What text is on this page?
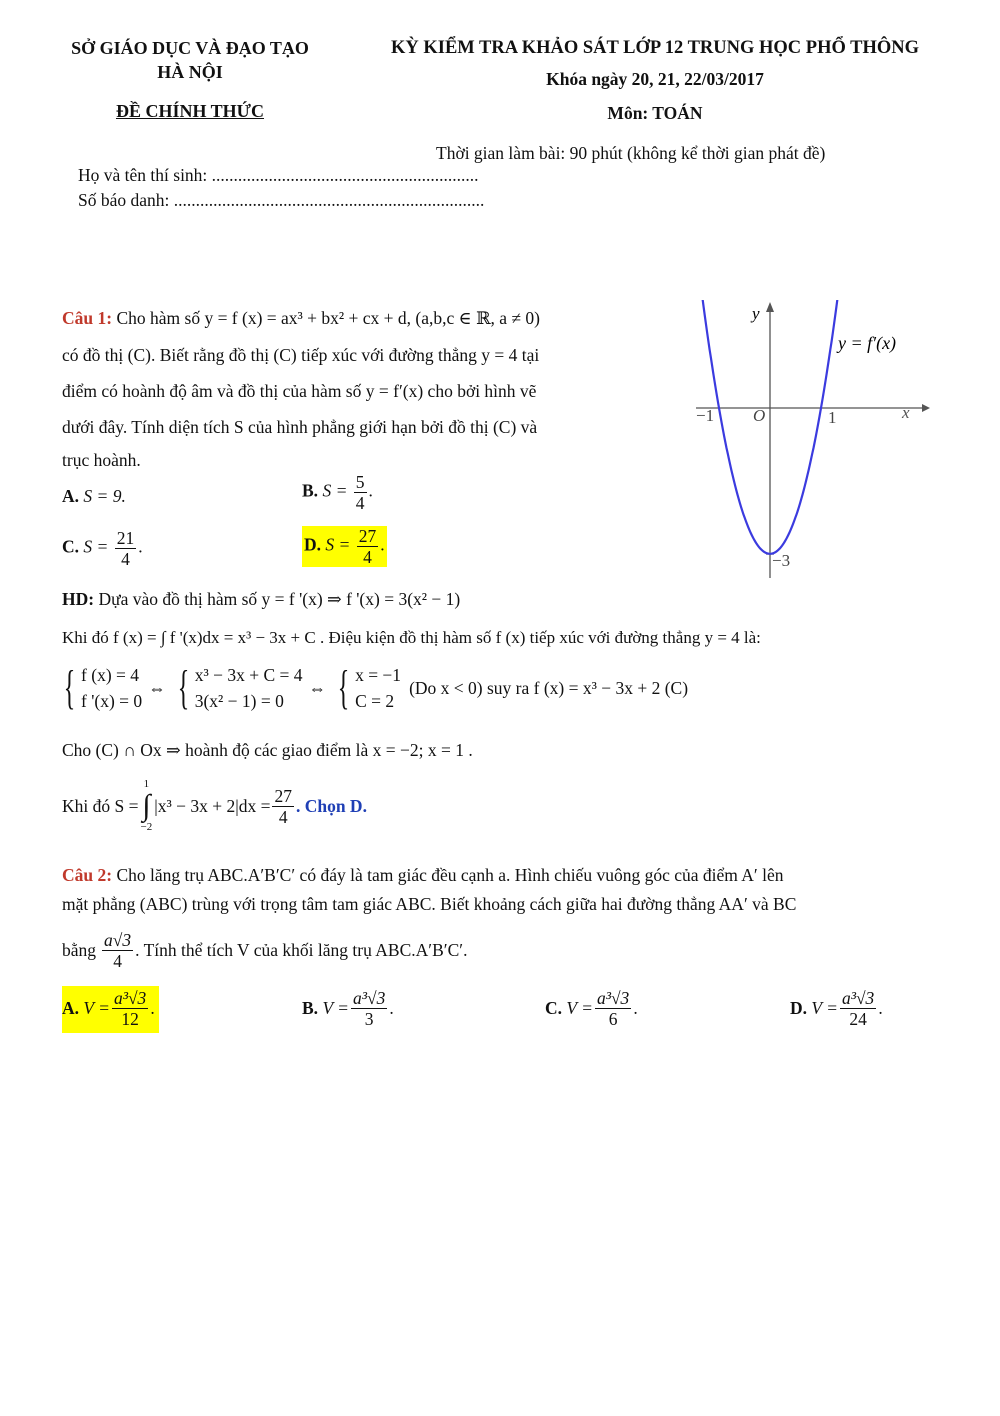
SỞ GIÁO DỤC VÀ ĐẠO TẠO
HÀ NỘI
ĐỀ CHÍNH THỨC
KỲ KIỂM TRA KHẢO SÁT LỚP 12 TRUNG HỌC PHỔ THÔNG
Khóa ngày 20, 21, 22/03/2017
Môn: TOÁN
Thời gian làm bài: 90 phút (không kể thời gian phát đề)
Họ và tên thí sinh: .............................................................
Số báo danh: .......................................................................
Câu 1: Cho hàm số y = f (x) = ax³ + bx² + cx + d, (a,b,c ∈ ℝ, a ≠ 0)
có đồ thị (C). Biết rằng đồ thị (C) tiếp xúc với đường thẳng y = 4 tại
điểm có hoành độ âm và đồ thị của hàm số y = f′(x) cho bởi hình vẽ
dưới đây. Tính diện tích S của hình phẳng giới hạn bởi đồ thị (C) và
trục hoành.
A. S = 9.	B. $S = \frac{5}{4}$ .
C. $S = \frac{21}{4}$ .	D. $S = \frac{27}{4}$ .
y
x
y = f′(x)
O
−1	1
−3
HD: Dựa vào đồ thị hàm số y = f '(x) ⇒ f '(x) = 3(x² − 1)
Khi đó f (x) = ∫ f '(x)dx = x³ − 3x + C . Điệu kiện đồ thị hàm số f (x) tiếp xúc với đường thẳng y = 4 là:
{ f (x) = 4
f '(x) = 0
⇔ { x³ − 3x + C = 4
3(x² − 1) = 0
⇔ { x = −1
C = 2
(Do x < 0) suy ra f (x) = x³ − 3x + 2 (C)
Cho (C) ∩ Ox ⇒ hoành độ các giao điểm là x = −2; x = 1 .
Khi đó S =
1
∫
−2
$|x^3 - 3x + 2|dx = \frac{27}{4}$ . Chọn D.
Câu 2: Cho lăng trụ ABC.A′B′C′ có đáy là tam giác đều cạnh a. Hình chiếu vuông góc của điểm A′ lên
mặt phẳng (ABC) trùng với trọng tâm tam giác ABC. Biết khoảng cách giữa hai đường thẳng AA′ và BC
bằng $\frac{a√3}{4}$ . Tính thể tích V của khối lăng trụ ABC.A′B′C′.
A.
$V = \frac{\text{a³√3}}{12}$ .	B.
$V = \frac{\text{a³√3}}{3}$ .	C.
$V = \frac{\text{a³√3}}{6}$ .	D.
$V = \frac{\text{a³√3}}{24}$ .
